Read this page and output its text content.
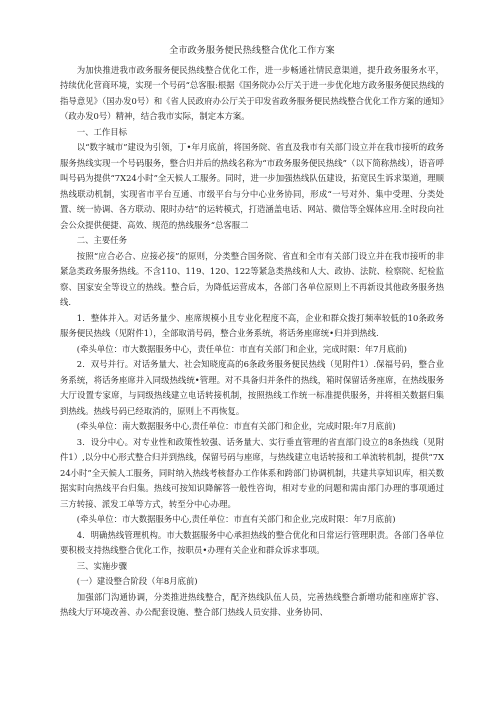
全市政务服务便民热线整合优化工作方案

为加快推进我市政务服务便民热线整合优化工作，进一步畅通社情民意渠道，提升政务服务水平，持续优化营商环境，实现一个号码“总客服:根据《国务院办公厅关于进一步优化地方政务服务便民热线的指导意见》（国办发0号）和《省人民政府办公厅关于印发省政务服务便民热线整合优化工作方案的通知》（政办发0号）精神，结合我市实际，制定本方案。

一、工作目标

以“数字城市”建设为引领，丁•年月底前，将国务院、省直及我市有关部门设立并在我市接听的政务服务热线实现一个号码服务，整合归并后的热线名称为“市政务服务便民热线”（以下简称热线），语音呼叫号码为提供“7X24小时”全天候人工服务。同时，进一步加强热线队伍建设，拓宽民生诉求渠道，理顺热线联动机制，实现省市平台互通、市级平台与分中心业务协同，形成“一号对外、集中受理、分类处置、统一协调、各方联动、限时办结”的运转模式，打造涵盖电话、网站、微信等全媒体应用.全时段向社会公众提供便捷、高效、规范的热线服务“总客服二

二、主要任务

按照“应合必合、应接必接”的原则，分类整合国务院、省直和全市有关部门设立并在我市接听的非紧急类政务服务热线。不含110、119、120、122等紧急类热线和人大、政协、法院、检察院、纪检监察、国家安全等设立的热线。整合后，为降低运营成本，各部门各单位原则上不再新设其他政务服务热线.

1．整体并入。对话务量少、座席规模小且专业化程度不高，企业和群众拨打频率较低的10条政务服务便民热线（见附件1），全部取消号码，整合业务系统，将话务座席统•归并到热线.

(牵头单位：市大数据服务中心，责任单位：市直有关部门和企业，完成时限：年7月底前)

2．双号并行。对话务量大、社会知晓度高的6条政务服务便民热线（见附件1）.保福号码，整合业务系统，将话务座席并入同级热线统•管理。对不具备归并条件的热线，箱时保留话务座席，在热线服务大厅设置专家席，与同级热线建立电话转接机制，按照热线工作统一标准提供服务，并将相关数据归集到热线。热线号码已经取消的，原则上不再恢复。

(牵头单位：南大数据服务中心,责任单位：市直有关部门和企业，完成时限:年7月底前)

3．设分中心。对专业性和政策性较强、话务量大、实行垂直管理的省直部门设立的8条热线（见附件1）,以分中心形式整合归并到热线，保留号码与座席，与热线建立电话转接和工单流转机制，提供“7X24小时”全天候人工服务，同时纳入热线考核督办工作体系和跨部门协调机制，共建共享知识库，相关数据实时向热线平台归集。热线可按知识降解答一般性咨询，相对专业的问题和需由部门办理的事项通过三方转接、派发工单等方式，转至分中心办理。

(牵头单位：市大数据服务中心,责任单位：市直有关部门和企业,完成时限：年7月底前)

4．明确热线管理机构。市大数据服务中心承担热线的整合优化和日常运行管理职责。各部门各单位要积极支持热线整合优化工作，按职员•办理有关企业和群众诉求事项。

三、实施步骤

(一）建设整合阶段（年8月底前)

加强部门沟通协调，分类推进热线整合，配齐热线队伍人员，完善热线整合新增功能和座席扩容、热线大厅环境改善、办公配套设施、整合部门热线人员安排、业务协同、
